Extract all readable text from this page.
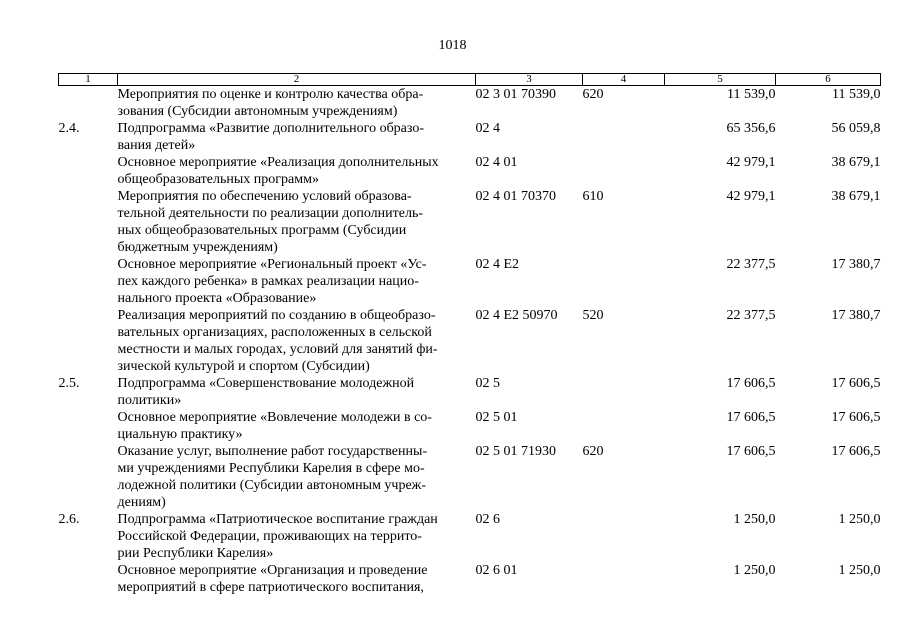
1018
1	2	3	4	5	6
	Мероприятия по оценке и контролю качества обра-
зования (Субсидии автономным учреждениям)	02 3 01 70390	620	11 539,0	11 539,0
2.4.	Подпрограмма «Развитие дополнительного образо-
вания детей»	02 4		65 356,6	56 059,8
	Основное мероприятие «Реализация дополнительных
общеобразовательных программ»	02 4 01		42 979,1	38 679,1
	Мероприятия по обеспечению условий образова-
тельной деятельности по реализации дополнитель-
ных общеобразовательных программ (Субсидии
бюджетным учреждениям)	02 4 01 70370	610	42 979,1	38 679,1
	Основное мероприятие «Региональный проект «Ус-
пех каждого ребенка» в рамках реализации нацио-
нального проекта «Образование»	02 4 E2		22 377,5	17 380,7
	Реализация мероприятий по созданию в общеобразо-
вательных организациях, расположенных в сельской
местности и малых городах, условий для занятий фи-
зической культурой и спортом (Субсидии)	02 4 E2 50970	520	22 377,5	17 380,7
2.5.	Подпрограмма «Совершенствование молодежной
политики»	02 5		17 606,5	17 606,5
	Основное мероприятие «Вовлечение молодежи в со-
циальную практику»	02 5 01		17 606,5	17 606,5
	Оказание услуг, выполнение работ государственны-
ми учреждениями Республики Карелия в сфере мо-
лодежной политики (Субсидии автономным учреж-
дениям)	02 5 01 71930	620	17 606,5	17 606,5
2.6.	Подпрограмма «Патриотическое воспитание граждан
Российской Федерации, проживающих на террито-
рии Республики Карелия»	02 6		1 250,0	1 250,0
	Основное мероприятие «Организация и проведение
мероприятий в сфере патриотического воспитания,	02 6 01		1 250,0	1 250,0
